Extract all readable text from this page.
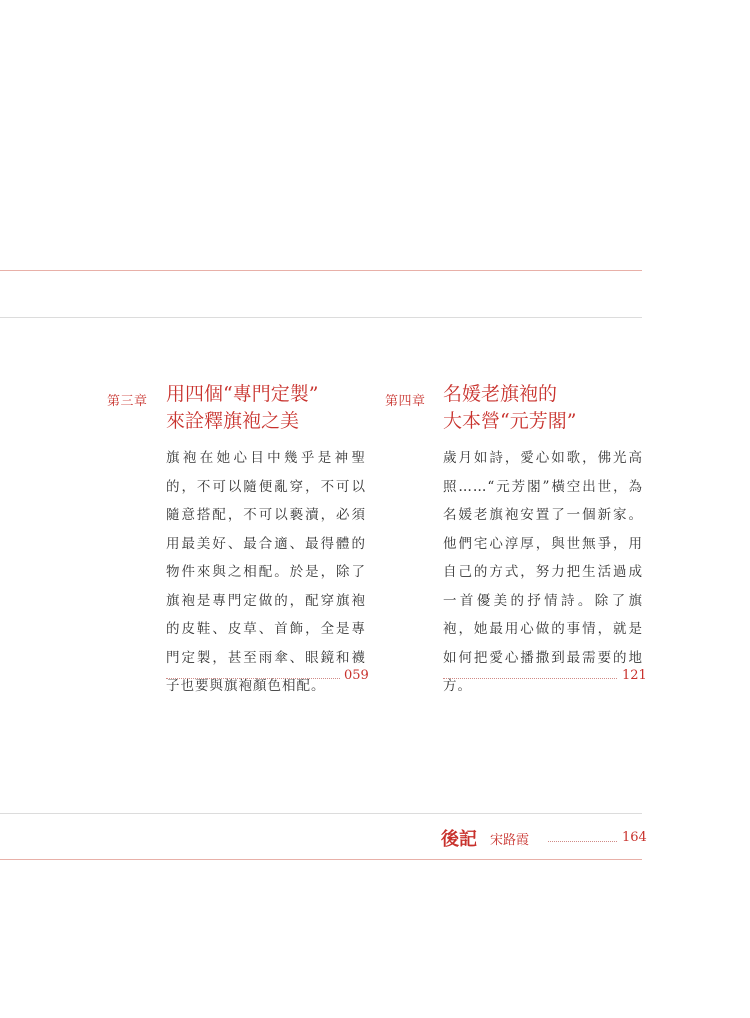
第三章 用四個“專門定製”
來詮釋旗袍之美

旗袍在她心目中幾乎是神聖的，不可以隨便亂穿，不可以隨意搭配，不可以褻瀆，必須用最美好、最合適、最得體的物件來與之相配。於是，除了旗袍是專門定做的，配穿旗袍的皮鞋、皮草、首飾，全是專門定製，甚至雨傘、眼鏡和襪子也要與旗袍顏色相配。

059
第四章 名媛老旗袍的
大本營“元芳閣”

歲月如詩，愛心如歌，佛光高照……“元芳閣”橫空出世，為名媛老旗袍安置了一個新家。他們宅心淳厚，與世無爭，用自己的方式，努力把生活過成一首優美的抒情詩。除了旗袍，她最用心做的事情，就是如何把愛心播撒到最需要的地方。

121
後記 宋路霞	164
